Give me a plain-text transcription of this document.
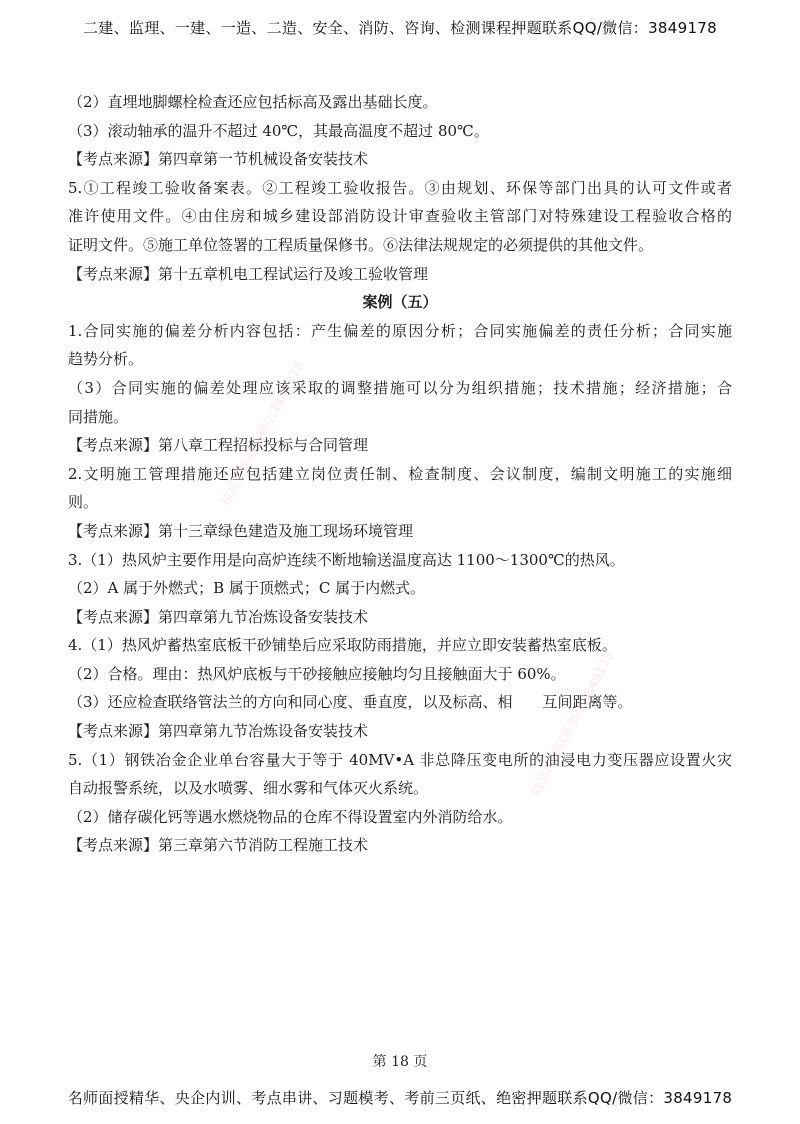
二建、监理、一建、一造、二造、安全、消防、咨询、检测课程押题联系QQ/微信：3849178
（2）直埋地脚螺栓检查还应包括标高及露出基础长度。
（3）滚动轴承的温升不超过 40℃，其最高温度不超过 80℃。
【考点来源】第四章第一节机械设备安装技术
5.①工程竣工验收备案表。②工程竣工验收报告。③由规划、环保等部门出具的认可文件或者
准许使用文件。④由住房和城乡建设部消防设计审查验收主管部门对特殊建设工程验收合格的
证明文件。⑤施工单位签署的工程质量保修书。⑥法律法规规定的必须提供的其他文件。
【考点来源】第十五章机电工程试运行及竣工验收管理
案例（五）
1.合同实施的偏差分析内容包括：产生偏差的原因分析；合同实施偏差的责任分析；合同实施
趋势分析。
（3）合同实施的偏差处理应该采取的调整措施可以分为组织措施；技术措施；经济措施；合
同措施。
【考点来源】第八章工程招标投标与合同管理
2.文明施工管理措施还应包括建立岗位责任制、检查制度、会议制度，编制文明施工的实施细
则。
【考点来源】第十三章绿色建造及施工现场环境管理
3.（1）热风炉主要作用是向高炉连续不断地输送温度高达 1100～1300℃的热风。
（2）A 属于外燃式；B 属于顶燃式；C 属于内燃式。
【考点来源】第四章第九节冶炼设备安装技术
4.（1）热风炉蓄热室底板干砂铺垫后应采取防雨措施，并应立即安装蓄热室底板。
（2）合格。理由：热风炉底板与干砂接触应接触均匀且接触面大于 60%。
（3）还应检查联络管法兰的方向和同心度、垂直度，以及标高、相　　互间距离等。
【考点来源】第四章第九节冶炼设备安装技术
5.（1）钢铁冶金企业单台容量大于等于 40MV•A 非总降压变电所的油浸电力变压器应设置火灾
自动报警系统，以及水喷雾、细水雾和气体灭火系统。
（2）储存碳化钙等遇水燃烧物品的仓库不得设置室内外消防给水。
【考点来源】第三章第六节消防工程施工技术
精品押题联系微信3849178
精品押题联系微信3849178
第 18 页
名师面授精华、央企内训、考点串讲、习题模考、考前三页纸、绝密押题联系QQ/微信：3849178
